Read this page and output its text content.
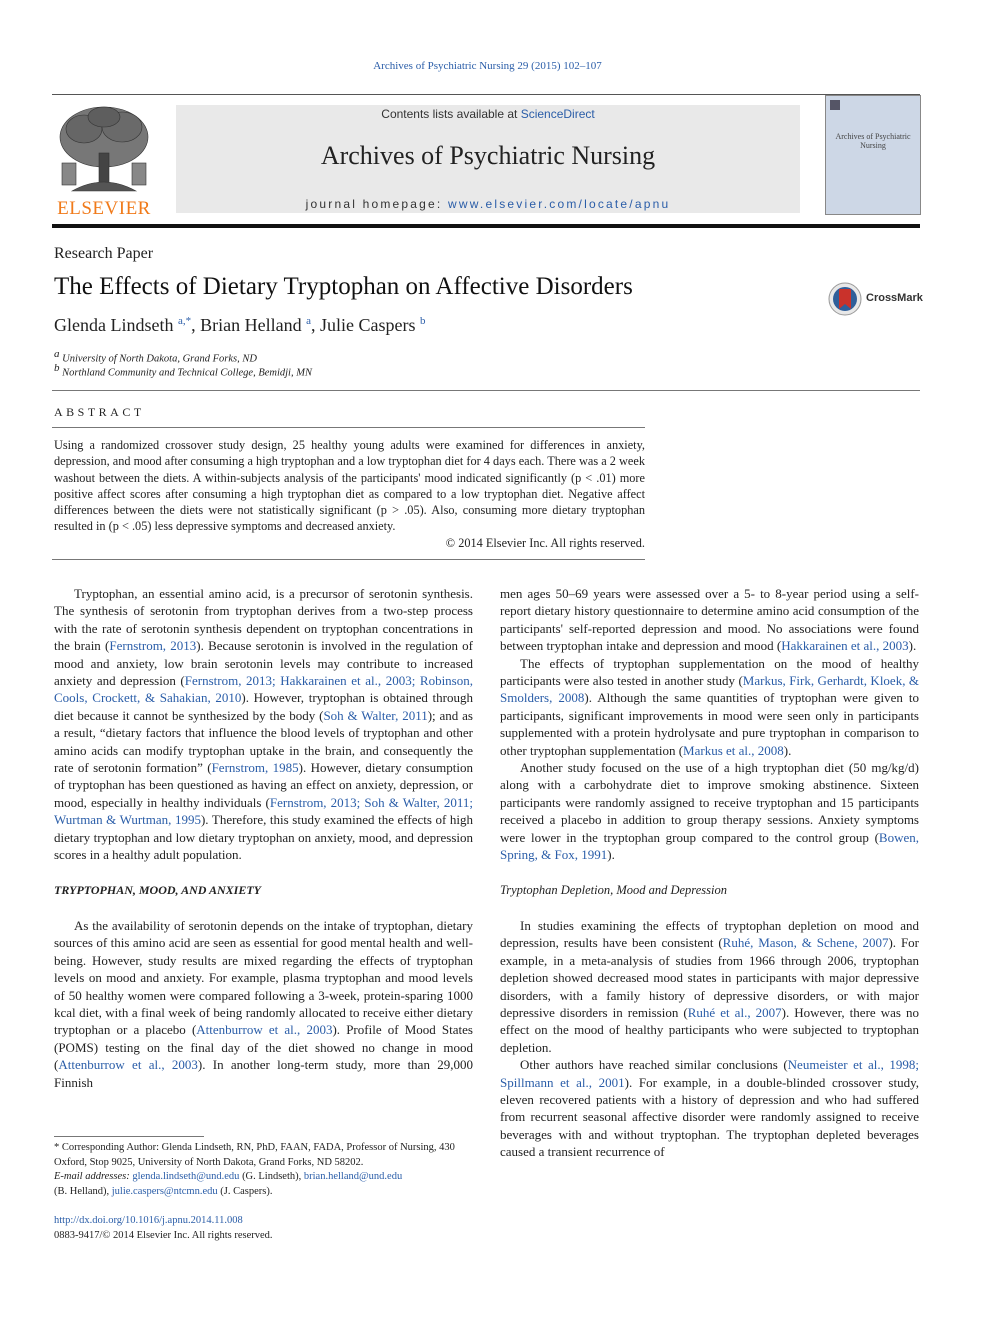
Archives of Psychiatric Nursing 29 (2015) 102–107
ELSEVIER
Contents lists available at ScienceDirect
Archives of Psychiatric Nursing
journal homepage: www.elsevier.com/locate/apnu
Archives of Psychiatric Nursing
Research Paper
The Effects of Dietary Tryptophan on Affective Disorders	CrossMark
Glenda Lindseth $^{a,*}$, Brian Helland $^a$, Julie Caspers $^b$
$^a$ University of North Dakota, Grand Forks, ND
$^b$ Northland Community and Technical College, Bemidji, MN
ABSTRACT
Using a randomized crossover study design, 25 healthy young adults were examined for differences in anxiety, depression, and mood after consuming a high tryptophan and a low tryptophan diet for 4 days each. There was a 2 week washout between the diets. A within-subjects analysis of the participants' mood indicated significantly (p < .01) more positive affect scores after consuming a high tryptophan diet as compared to a low tryptophan diet. Negative affect differences between the diets were not statistically significant (p > .05). Also, consuming more dietary tryptophan resulted in (p < .05) less depressive symptoms and decreased anxiety.

© 2014 Elsevier Inc. All rights reserved.

Tryptophan, an essential amino acid, is a precursor of serotonin synthesis. The synthesis of serotonin from tryptophan derives from a two-step process with the rate of serotonin synthesis dependent on tryptophan concentrations in the brain (Fernstrom, 2013). Because serotonin is involved in the regulation of mood and anxiety, low brain serotonin levels may contribute to increased anxiety and depression (Fernstrom, 2013; Hakkarainen et al., 2003; Robinson, Cools, Crockett, & Sahakian, 2010). However, tryptophan is obtained through diet because it cannot be synthesized by the body (Soh & Walter, 2011); and as a result, “dietary factors that influence the blood levels of tryptophan and other amino acids can modify tryptophan uptake in the brain, and consequently the rate of serotonin formation” (Fernstrom, 1985). However, dietary consumption of tryptophan has been questioned as having an effect on anxiety, depression, or mood, especially in healthy individuals (Fernstrom, 2013; Soh & Walter, 2011; Wurtman & Wurtman, 1995). Therefore, this study examined the effects of high dietary tryptophan and low dietary tryptophan on anxiety, mood, and depression scores in a healthy adult population.

TRYPTOPHAN, MOOD, AND ANXIETY

As the availability of serotonin depends on the intake of tryptophan, dietary sources of this amino acid are seen as essential for good mental health and well-being. However, study results are mixed regarding the effects of tryptophan levels on mood and anxiety. For example, plasma tryptophan and mood levels of 50 healthy women were compared following a 3-week, protein-sparing 1000 kcal diet, with a final week of being randomly allocated to receive either dietary tryptophan or a placebo (Attenburrow et al., 2003). Profile of Mood States (POMS) testing on the final day of the diet showed no change in mood (Attenburrow et al., 2003). In another long-term study, more than 29,000 Finnish

men ages 50–69 years were assessed over a 5- to 8-year period using a self-report dietary history questionnaire to determine amino acid consumption of the participants' self-reported depression and mood. No associations were found between tryptophan intake and depression and mood (Hakkarainen et al., 2003).

The effects of tryptophan supplementation on the mood of healthy participants were also tested in another study (Markus, Firk, Gerhardt, Kloek, & Smolders, 2008). Although the same quantities of tryptophan were given to participants, significant improvements in mood were seen only in participants supplemented with a protein hydrolysate and pure tryptophan in comparison to other tryptophan supplementation (Markus et al., 2008).

Another study focused on the use of a high tryptophan diet (50 mg/kg/d) along with a carbohydrate diet to improve smoking abstinence. Sixteen participants were randomly assigned to receive tryptophan and 15 participants received a placebo in addition to group therapy sessions. Anxiety symptoms were lower in the tryptophan group compared to the control group (Bowen, Spring, & Fox, 1991).

Tryptophan Depletion, Mood and Depression

In studies examining the effects of tryptophan depletion on mood and depression, results have been consistent (Ruhé, Mason, & Schene, 2007). For example, in a meta-analysis of studies from 1966 through 2006, tryptophan depletion showed decreased mood states in participants with major depressive disorders, with a family history of depressive disorders, or with major depressive disorders in remission (Ruhé et al., 2007). However, there was no effect on the mood of healthy participants who were subjected to tryptophan depletion.

Other authors have reached similar conclusions (Neumeister et al., 1998; Spillmann et al., 2001). For example, in a double-blinded crossover study, eleven recovered patients with a history of depression and who had suffered from recurrent seasonal affective disorder were randomly assigned to receive beverages with and without tryptophan. The tryptophan depleted beverages caused a transient recurrence of

* Corresponding Author: Glenda Lindseth, RN, PhD, FAAN, FADA, Professor of Nursing, 430 Oxford, Stop 9025, University of North Dakota, Grand Forks, ND 58202.

E-mail addresses: glenda.lindseth@und.edu (G. Lindseth), brian.helland@und.edu
(B. Helland), julie.caspers@ntcmn.edu (J. Caspers).

http://dx.doi.org/10.1016/j.apnu.2014.11.008

0883-9417/© 2014 Elsevier Inc. All rights reserved.
